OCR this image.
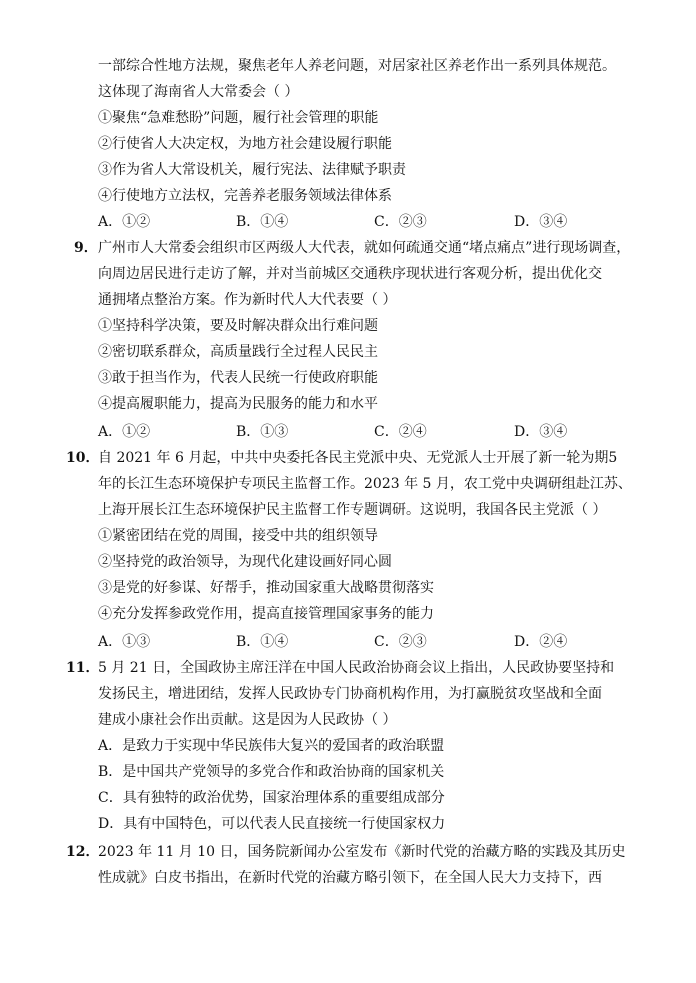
一部综合性地方法规，聚焦老年人养老问题，对居家社区养老作出一系列具体规范。
这体现了海南省人大常委会（ ）
①聚焦“急难愁盼”问题，履行社会管理的职能
②行使省人大决定权，为地方社会建设履行职能
③作为省人大常设机关，履行宪法、法律赋予职责
④行使地方立法权，完善养老服务领域法律体系
A．①②	B．①④	C．②③	D．③④
9． 广州市人大常委会组织市区两级人大代表，就如何疏通交通“堵点痛点”进行现场调查，
向周边居民进行走访了解，并对当前城区交通秩序现状进行客观分析，提出优化交
通拥堵点整治方案。作为新时代人大代表要（ ）
①坚持科学决策，要及时解决群众出行难问题
②密切联系群众，高质量践行全过程人民民主
③敢于担当作为，代表人民统一行使政府职能
④提高履职能力，提高为民服务的能力和水平
A．①②	B．①③	C．②④	D．③④
10．
自 2021 年 6 月起，中共中央委托各民主党派中央、无党派人士开展了新一轮为期5
年的长江生态环境保护专项民主监督工作。2023 年 5 月，农工党中央调研组赴江苏、
上海开展长江生态环境保护民主监督工作专题调研。这说明，我国各民主党派（ ）
①紧密团结在党的周围，接受中共的组织领导
②坚持党的政治领导，为现代化建设画好同心圆
③是党的好参谋、好帮手，推动国家重大战略贯彻落实
④充分发挥参政党作用，提高直接管理国家事务的能力
A．①③	B．①④	C．②③	D．②④
11．
5 月 21 日，全国政协主席汪洋在中国人民政治协商会议上指出，人民政协要坚持和
发扬民主，增进团结，发挥人民政协专门协商机构作用，为打赢脱贫攻坚战和全面
建成小康社会作出贡献。这是因为人民政协（ ）
A．是致力于实现中华民族伟大复兴的爱国者的政治联盟
B．是中国共产党领导的多党合作和政治协商的国家机关
C．具有独特的政治优势，国家治理体系的重要组成部分
D．具有中国特色，可以代表人民直接统一行使国家权力
12．
2023 年 11 月 10 日，国务院新闻办公室发布《新时代党的治藏方略的实践及其历史
性成就》白皮书指出，在新时代党的治藏方略引领下，在全国人民大力支持下，西
